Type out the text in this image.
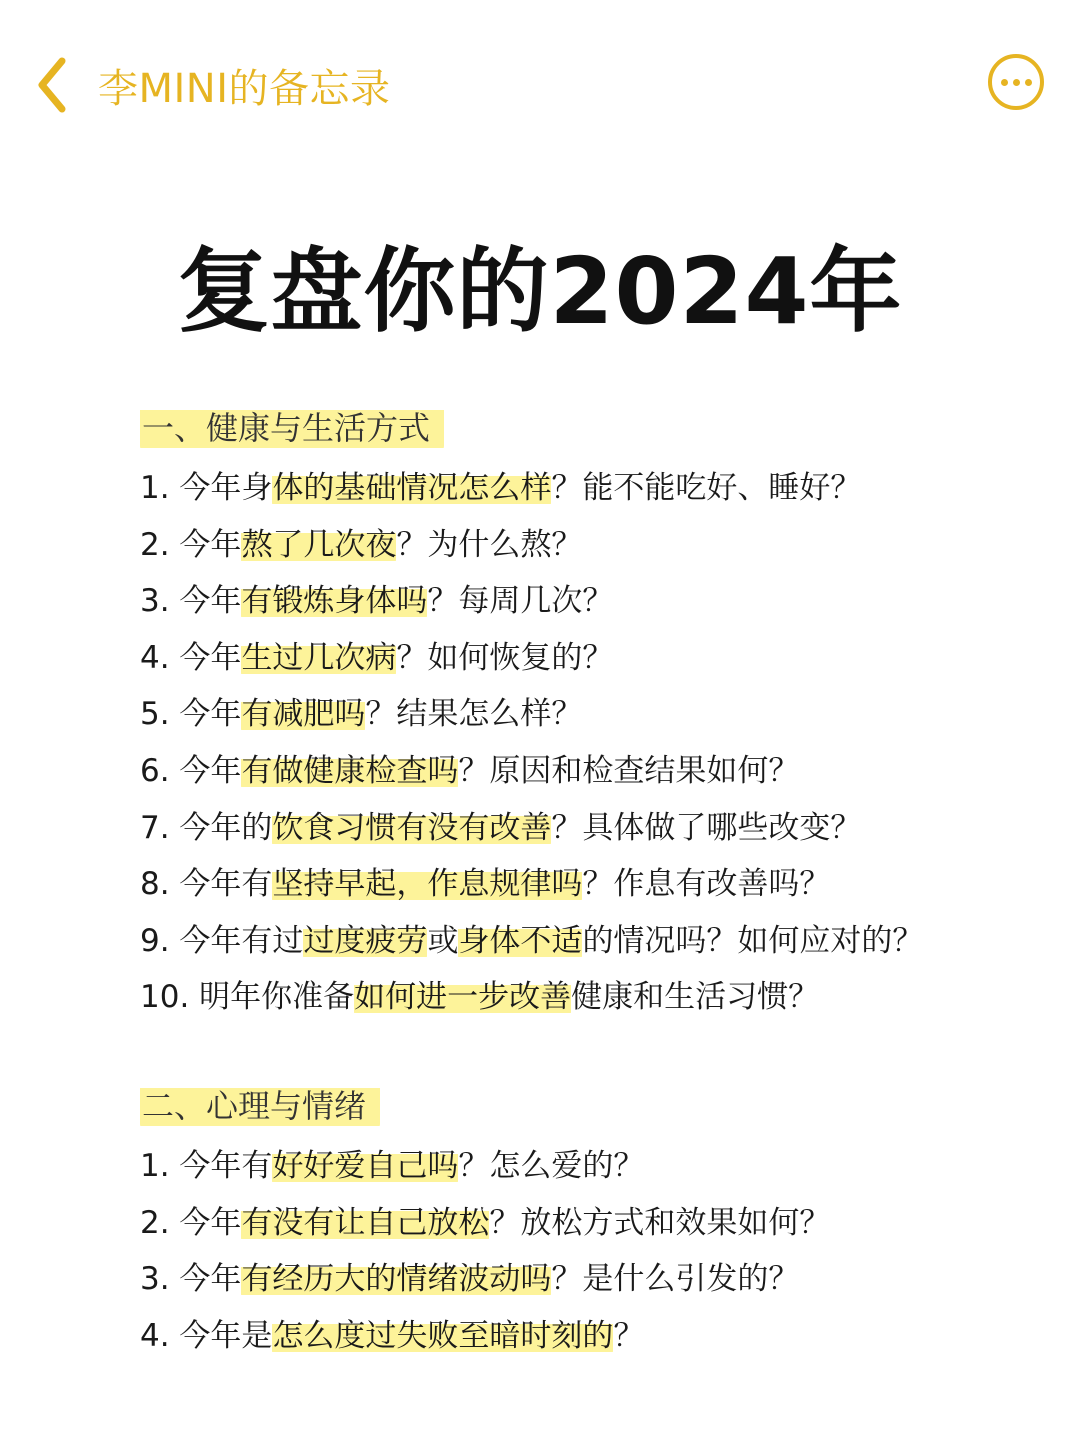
李MINI的备忘录
复盘你的2024年
一、健康与生活方式
1. 今年身体的基础情况怎么样？能不能吃好、睡好？
2. 今年熬了几次夜？为什么熬？
3. 今年有锻炼身体吗？每周几次？
4. 今年生过几次病？如何恢复的？
5. 今年有减肥吗？结果怎么样？
6. 今年有做健康检查吗？原因和检查结果如何？
7. 今年的饮食习惯有没有改善？具体做了哪些改变？
8. 今年有坚持早起，作息规律吗？作息有改善吗？
9. 今年有过过度疲劳或身体不适的情况吗？如何应对的？
10. 明年你准备如何进一步改善健康和生活习惯？
二、心理与情绪
1. 今年有好好爱自己吗？怎么爱的？
2. 今年有没有让自己放松？放松方式和效果如何？
3. 今年有经历大的情绪波动吗？是什么引发的？
4. 今年是怎么度过失败至暗时刻的？
